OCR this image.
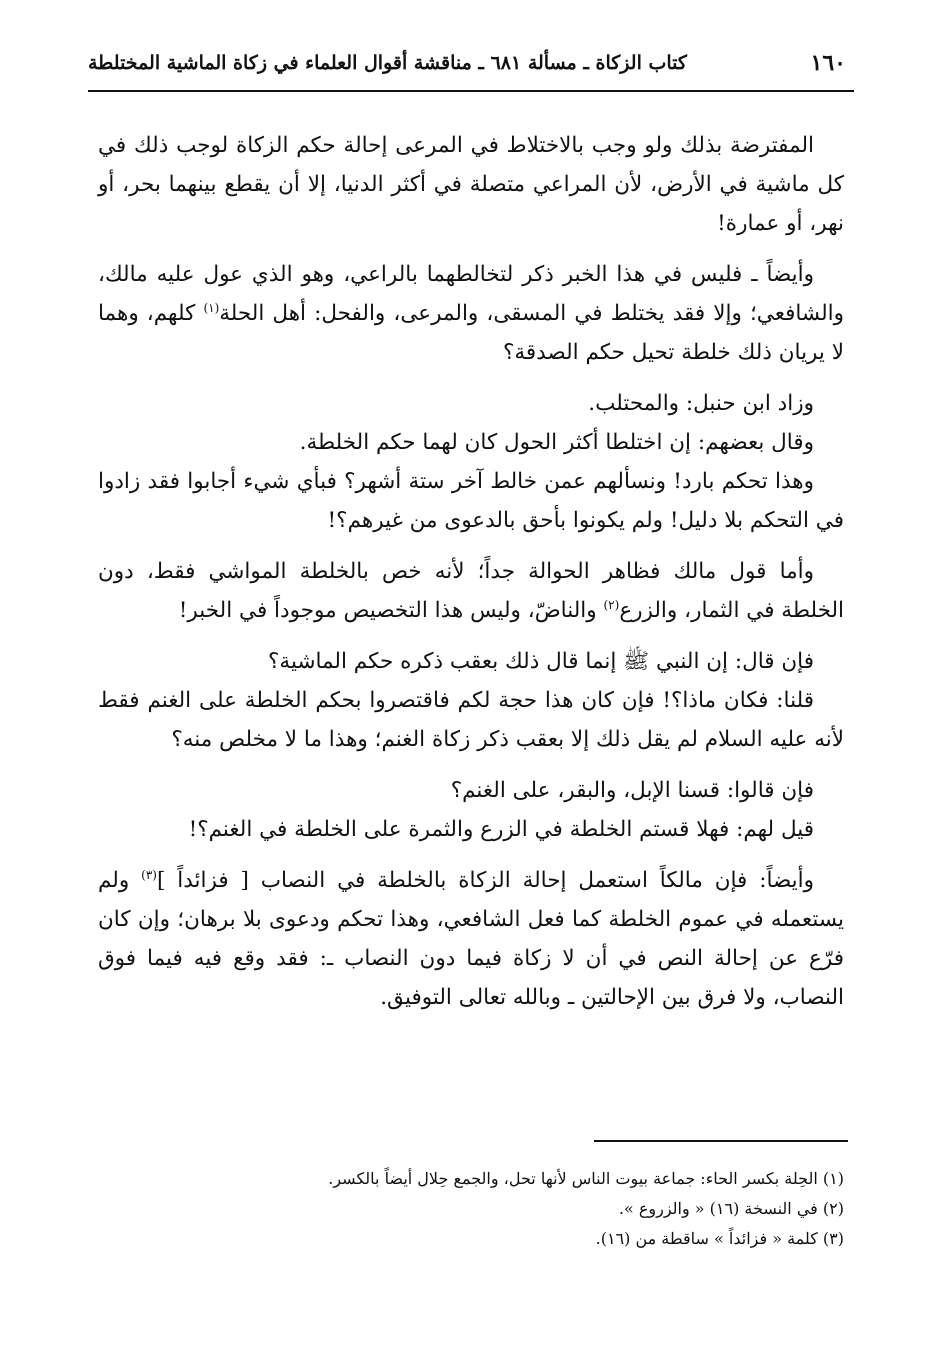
١٦٠
كتاب الزكاة ـ مسألة ٦٨١ ـ مناقشة أقوال العلماء في زكاة الماشية المختلطة

المفترضة بذلك ولو وجب بالاختلاط في المرعى إحالة حكم الزكاة لوجب ذلك في كل ماشية في الأرض، لأن المراعي متصلة في أكثر الدنيا، إلا أن يقطع بينهما بحر، أو نهر، أو عمارة!

وأيضاً ـ فليس في هذا الخبر ذكر لتخالطهما بالراعي، وهو الذي عول عليه مالك، والشافعي؛ وإلا فقد يختلط في المسقى، والمرعى، والفحل: أهل الحلة$^{(١)}$ كلهم، وهما لا يريان ذلك خلطة تحيل حكم الصدقة؟

وزاد ابن حنبل: والمحتلب.

وقال بعضهم: إن اختلطا أكثر الحول كان لهما حكم الخلطة.

وهذا تحكم بارد! ونسألهم عمن خالط آخر ستة أشهر؟ فبأي شيء أجابوا فقد زادوا في التحكم بلا دليل! ولم يكونوا بأحق بالدعوى من غيرهم؟!

وأما قول مالك فظاهر الحوالة جداً؛ لأنه خص بالخلطة المواشي فقط، دون الخلطة في الثمار، والزرع$^{(٢)}$ والناضّ، وليس هذا التخصيص موجوداً في الخبر!

فإن قال: إن النبي ﷺ إنما قال ذلك بعقب ذكره حكم الماشية؟

قلنا: فكان ماذا؟! فإن كان هذا حجة لكم فاقتصروا بحكم الخلطة على الغنم فقط لأنه عليه السلام لم يقل ذلك إلا بعقب ذكر زكاة الغنم؛ وهذا ما لا مخلص منه؟

فإن قالوا: قسنا الإبل، والبقر، على الغنم؟

قيل لهم: فهلا قستم الخلطة في الزرع والثمرة على الخلطة في الغنم؟!

وأيضاً: فإن مالكاً استعمل إحالة الزكاة بالخلطة في النصاب [ فزائداً ]$^{(٣)}$ ولم يستعمله في عموم الخلطة كما فعل الشافعي، وهذا تحكم ودعوى بلا برهان؛ وإن كان فرّع عن إحالة النص في أن لا زكاة فيما دون النصاب ـ: فقد وقع فيه فيما فوق النصاب، ولا فرق بين الإحالتين ـ وبالله تعالى التوفيق.

(١) الحِلة بكسر الحاء: جماعة بيوت الناس لأنها تحل، والجمع حِلال أيضاً بالكسر.

(٢) في النسخة (١٦) « والزروع ».

(٣) كلمة « فزائداً » ساقطة من (١٦).
